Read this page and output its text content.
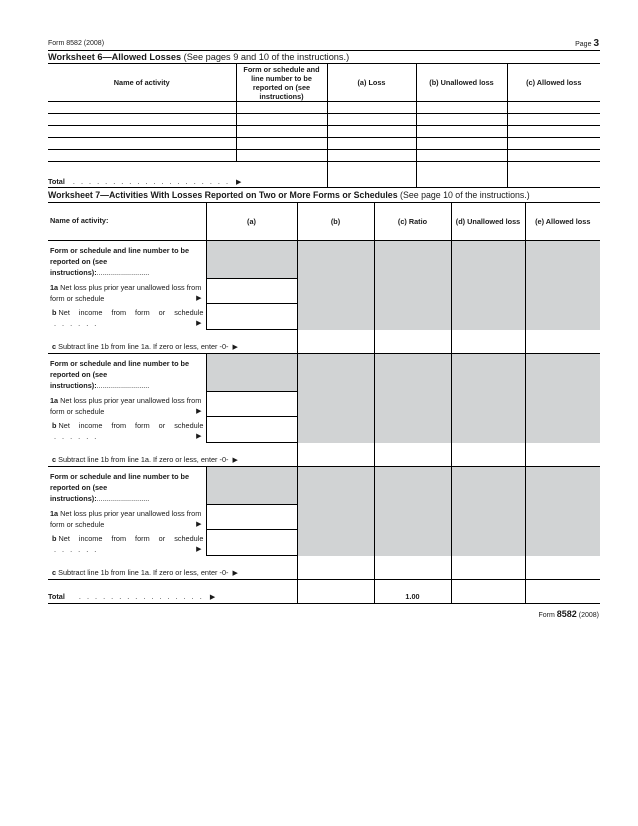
Form 8582 (2008)	Page 3
Worksheet 6—Allowed Losses (See pages 9 and 10 of the instructions.)
Name of activity	Form or schedule and line number to be reported on (see instructions)	(a) Loss	(b) Unallowed loss	(c) Allowed loss

Total . . . . . . . . . . . . . . . . . . . . ▶				
Worksheet 7—Activities With Losses Reported on Two or More Forms or Schedules (See page 10 of the instructions.)
Name of activity:	(a)	(b)	(c) Ratio	(d) Unallowed loss	(e) Allowed loss
Form or schedule and line number to be reported on (see instructions):..........................					
1a Net loss plus prior year unallowed loss from form or schedule ▶					

b Net income from form or schedule . . . . . . ▶					

c Subtract line 1b from line 1a. If zero or less, enter -0- ▶					
Form or schedule and line number to be reported on (see instructions):..........................					
1a Net loss plus prior year unallowed loss from form or schedule ▶					

b Net income from form or schedule . . . . . . ▶					

c Subtract line 1b from line 1a. If zero or less, enter -0- ▶					
Form or schedule and line number to be reported on (see instructions):..........................					
1a Net loss plus prior year unallowed loss from form or schedule ▶					

b Net income from form or schedule . . . . . . ▶					

c Subtract line 1b from line 1a. If zero or less, enter -0- ▶					
Total . . . . . . . . . . . . . . . . ▶			1.00		
Form 8582 (2008)
